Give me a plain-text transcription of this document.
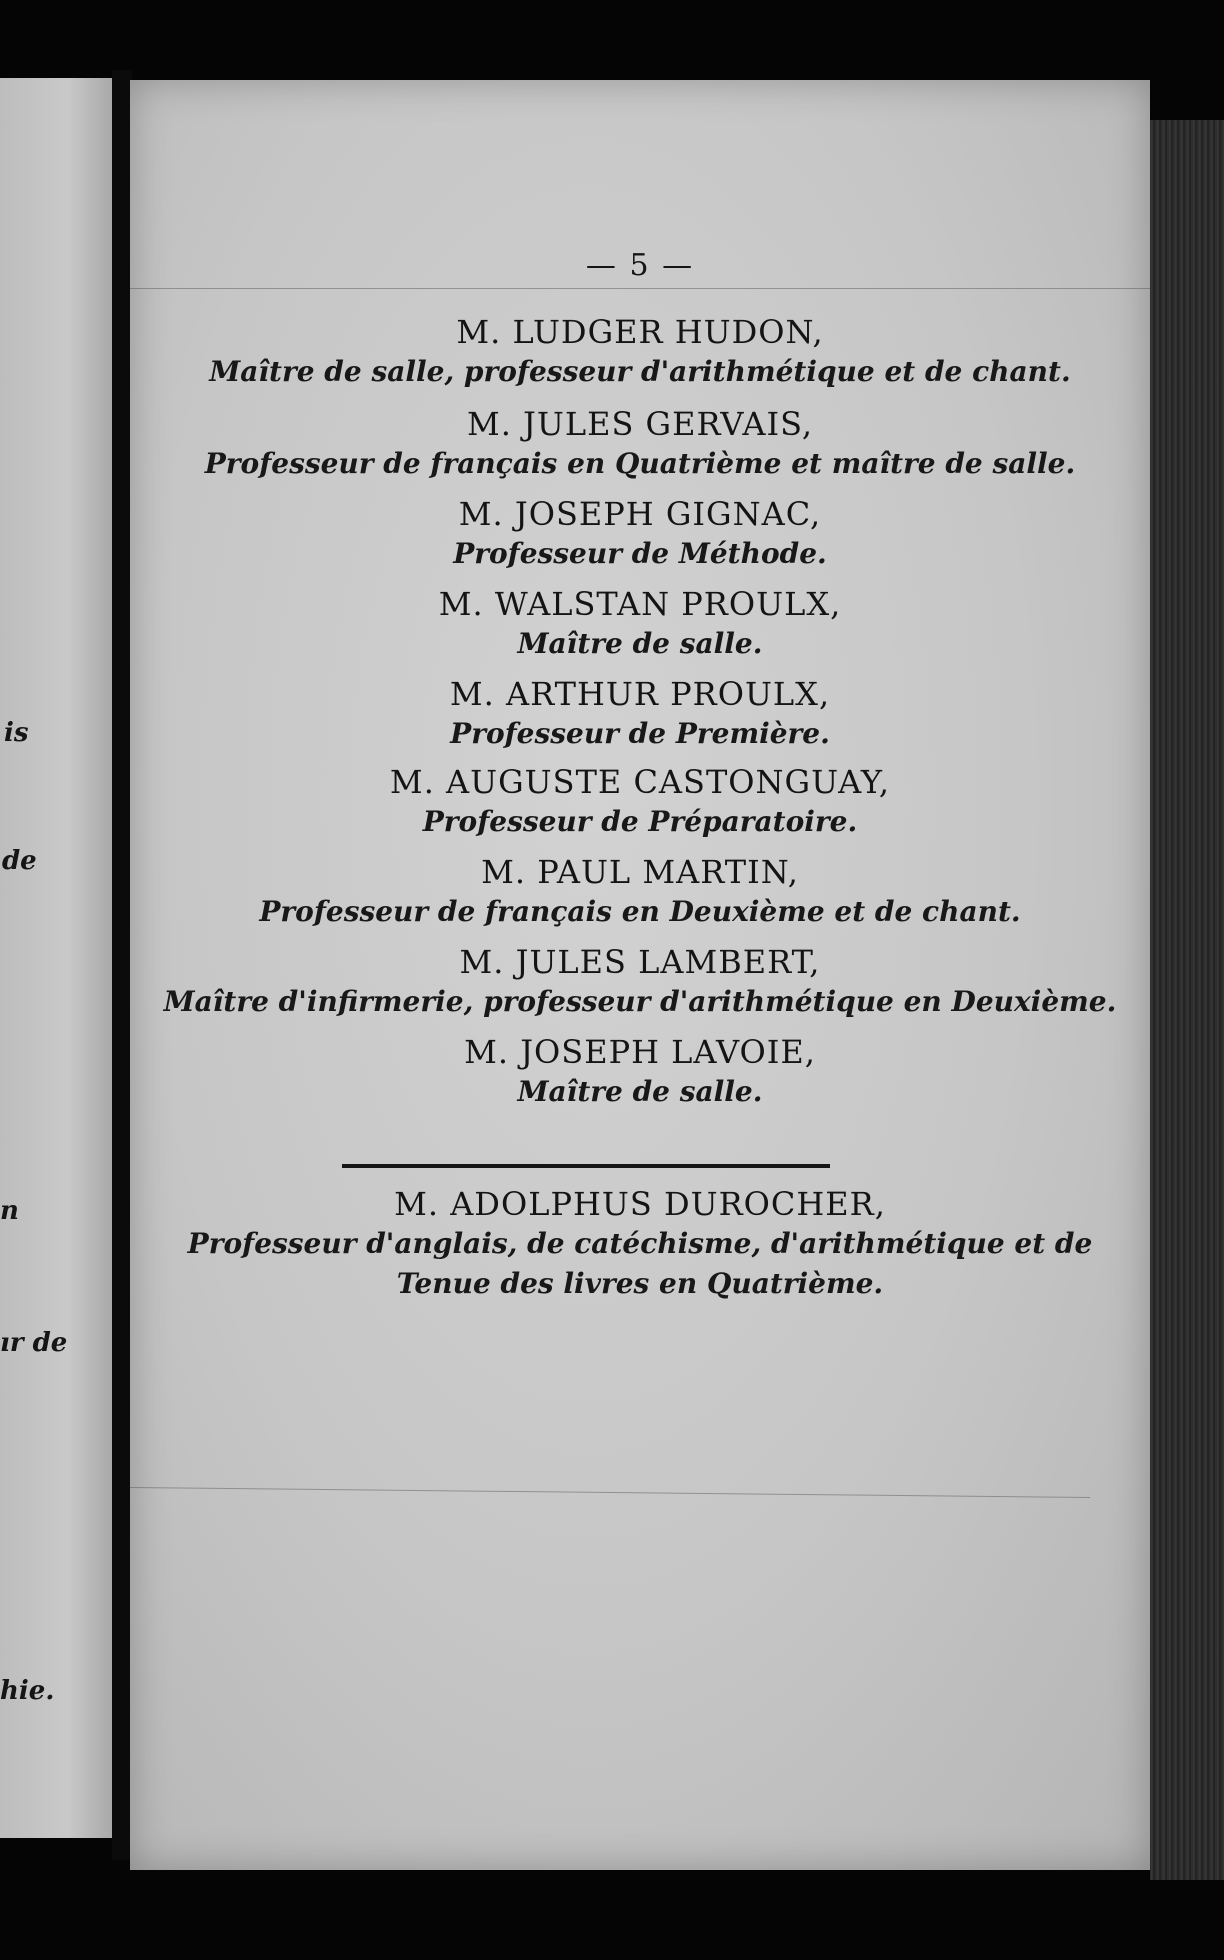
is
de
n
ır de
hie.
— 5 —
M. LUDGER HUDON,
Maître de salle, professeur d'arithmétique et de chant.
M. JULES GERVAIS,
Professeur de français en Quatrième et maître de salle.
M. JOSEPH GIGNAC,
Professeur de Méthode.
M. WALSTAN PROULX,
Maître de salle.
M. ARTHUR PROULX,
Professeur de Première.
M. AUGUSTE CASTONGUAY,
Professeur de Préparatoire.
M. PAUL MARTIN,
Professeur de français en Deuxième et de chant.
M. JULES LAMBERT,
Maître d'infirmerie, professeur d'arithmétique en Deuxième.
M. JOSEPH LAVOIE,
Maître de salle.
M. ADOLPHUS DUROCHER,
Professeur d'anglais, de catéchisme, d'arithmétique et de
Tenue des livres en Quatrième.
